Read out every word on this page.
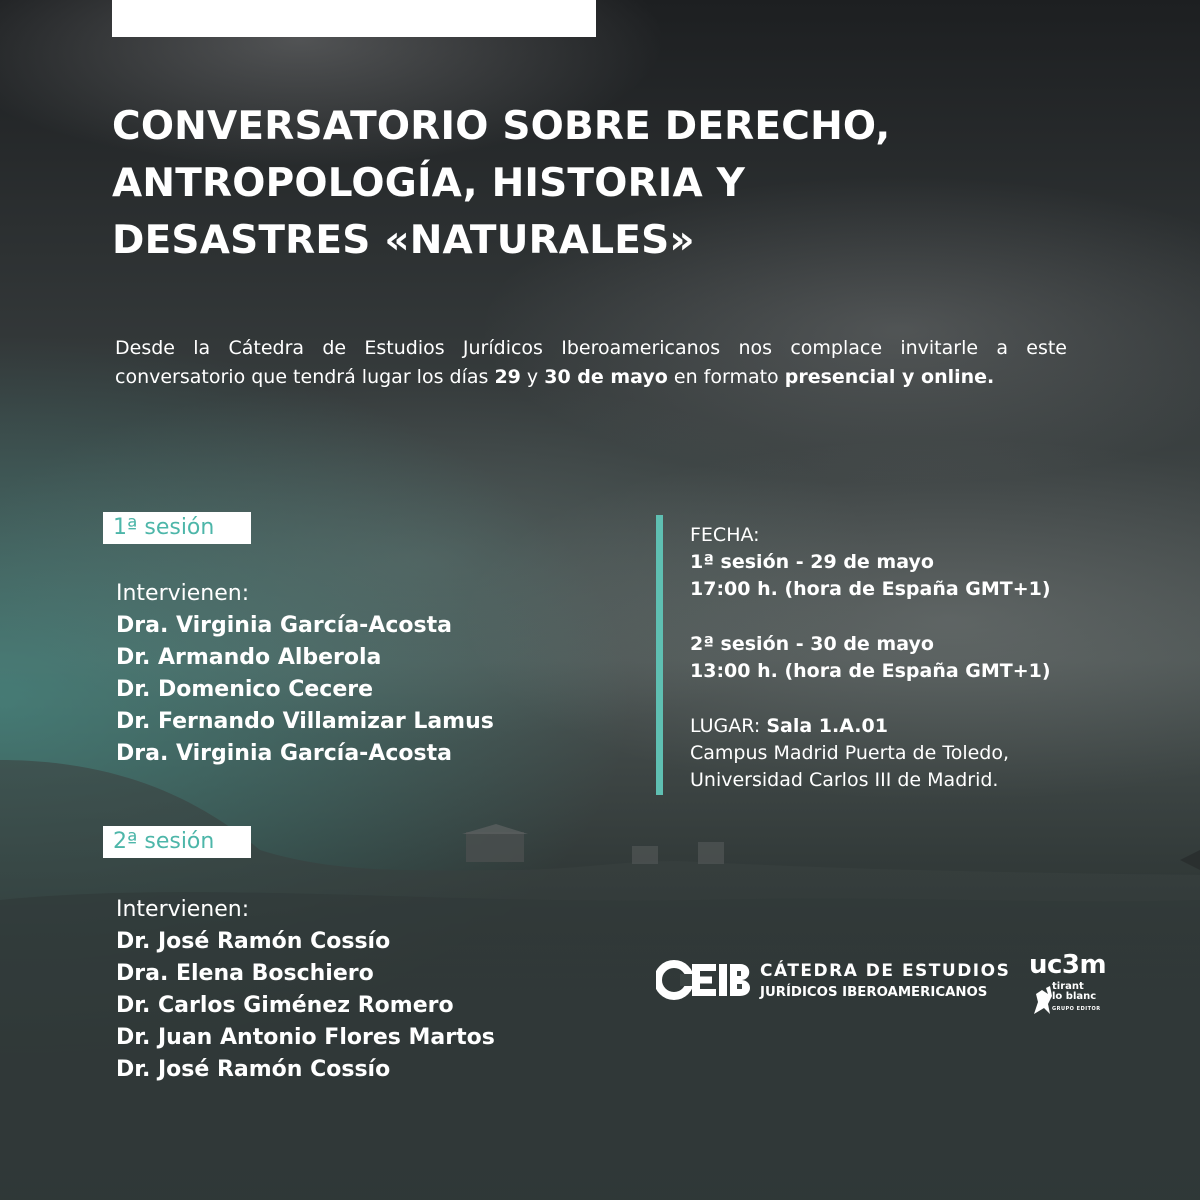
CONVERSATORIO SOBRE DERECHO,
ANTROPOLOGÍA, HISTORIA Y
DESASTRES «NATURALES»

Desde la Cátedra de Estudios Jurídicos Iberoamericanos nos complace invitarle a este conversatorio que tendrá lugar los días 29 y 30 de mayo en formato presencial y online.

1ª sesión
Intervienen:
Dra. Virginia García-Acosta
Dr. Armando Alberola
Dr. Domenico Cecere
Dr. Fernando Villamizar Lamus
Dra. Virginia García-Acosta

FECHA:

1ª sesión - 29 de mayo

17:00 h. (hora de España GMT+1)

2ª sesión - 30 de mayo

13:00 h. (hora de España GMT+1)

LUGAR: Sala 1.A.01

Campus Madrid Puerta de Toledo,

Universidad Carlos III de Madrid.

2ª sesión
Intervienen:
Dr. José Ramón Cossío
Dra. Elena Boschiero
Dr. Carlos Giménez Romero
Dr. Juan Antonio Flores Martos
Dr. José Ramón Cossío
CÁTEDRA DE ESTUDIOS
JURÍDICOS IBEROAMERICANOS
uc3m
tirant
lo blanc
GRUPO EDITOR
